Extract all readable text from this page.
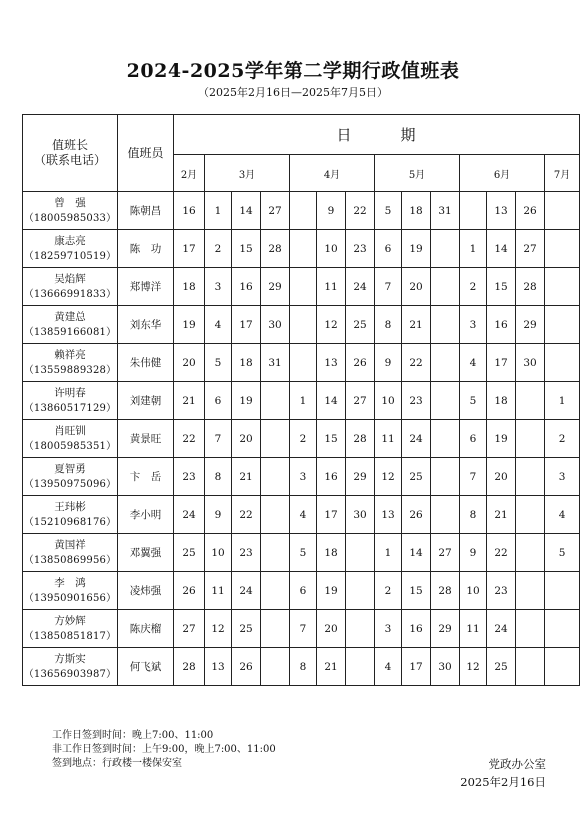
2024-2025学年第二学期行政值班表
（2025年2月16日—2025年7月5日）
值班长
（联系电话）	值班员	日　　　期													
		2月	3月			4月			5月			6月			7月

曾　强
（18005985033）	陈朝昌	16	1	14	27		9	22	5	18	31		13	26	

康志亮
（18259710519）	陈　功	17	2	15	28		10	23	6	19		1	14	27	

吴焰辉
（13666991833）	郑博洋	18	3	16	29		11	24	7	20		2	15	28	

黄建总
（13859166081）	刘东华	19	4	17	30		12	25	8	21		3	16	29	

赖祥亮
（13559889328）	朱伟健	20	5	18	31		13	26	9	22		4	17	30	

许明春
（13860517129）	刘建朝	21	6	19		1	14	27	10	23		5	18		1

肖旺钏
（18005985351）	黄景旺	22	7	20		2	15	28	11	24		6	19		2

夏智勇
（13950975096）	卞　岳	23	8	21		3	16	29	12	25		7	20		3

王玮彬
（15210968176）	李小明	24	9	22		4	17	30	13	26		8	21		4

黄国祥
（13850869956）	邓翼强	25	10	23		5	18		1	14	27	9	22		5

李　鸿
（13950901656）	凌炜强	26	11	24		6	19		2	15	28	10	23		

方妙辉
（13850851817）	陈庆榴	27	12	25		7	20		3	16	29	11	24		

方斯实
（13656903987）	何飞斌	28	13	26		8	21		4	17	30	12	25		
工作日签到时间：晚上7:00、11:00
非工作日签到时间：上午9:00，晚上7:00、11:00
签到地点：行政楼一楼保安室	党政办公室
2025年2月16日
